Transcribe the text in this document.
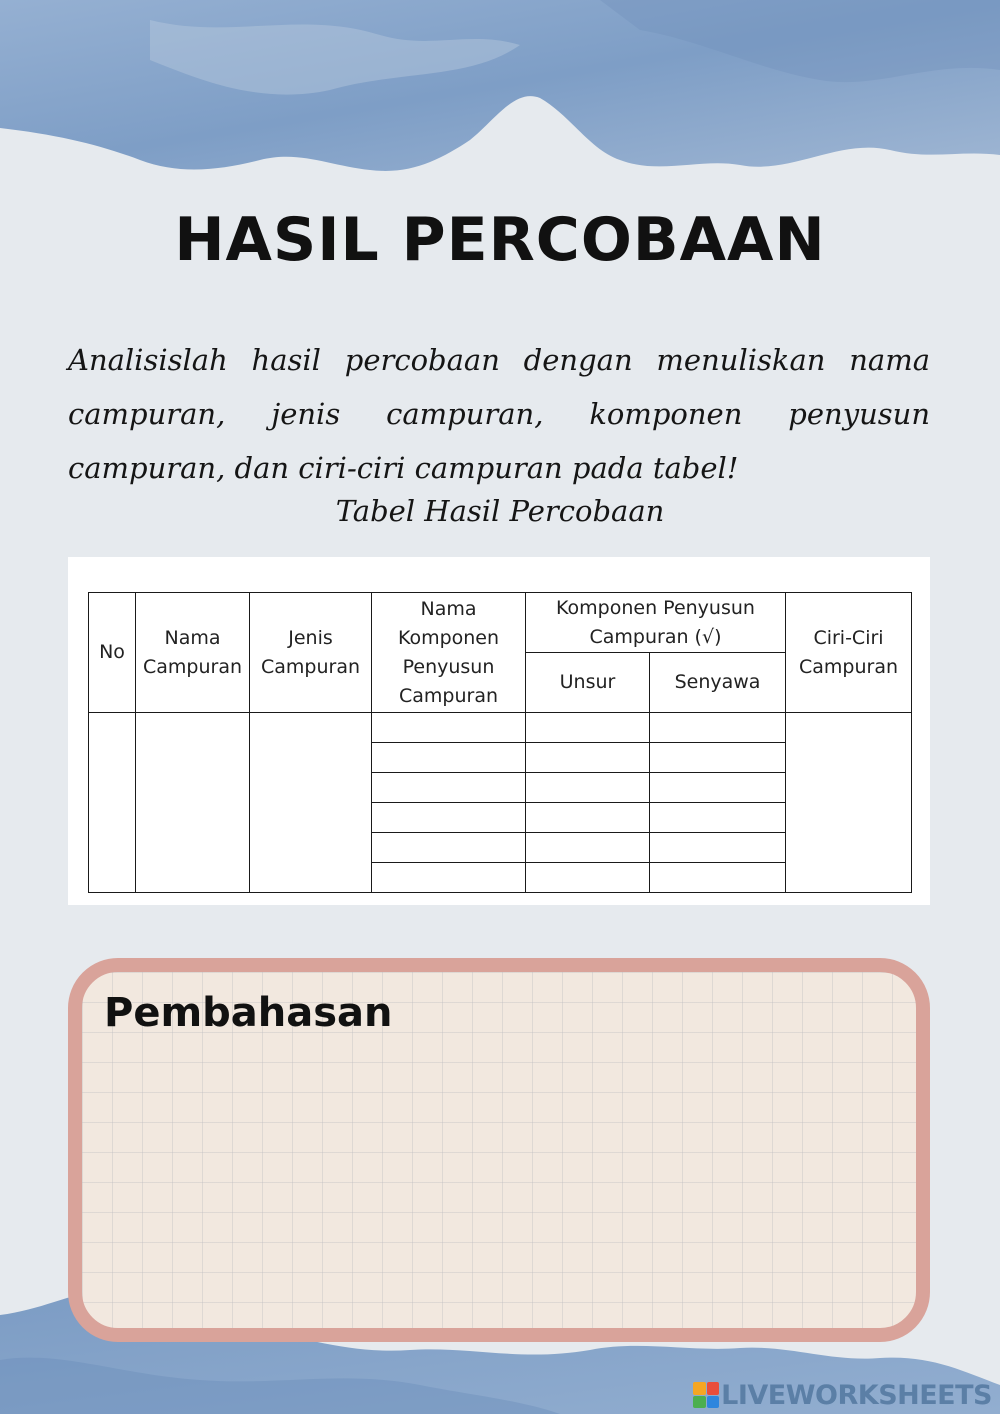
HASIL PERCOBAAN

Analisislah hasil percobaan dengan menuliskan nama campuran, jenis campuran, komponen penyusun campuran, dan ciri-ciri campuran pada tabel!

Tabel Hasil Percobaan
No	Nama Campuran	Jenis Campuran	Nama Komponen Penyusun Campuran	Komponen Penyusun Campuran (√)		Ciri-Ciri Campuran
				Unsur	Senyawa	

Pembahasan
LIVEWORKSHEETS
